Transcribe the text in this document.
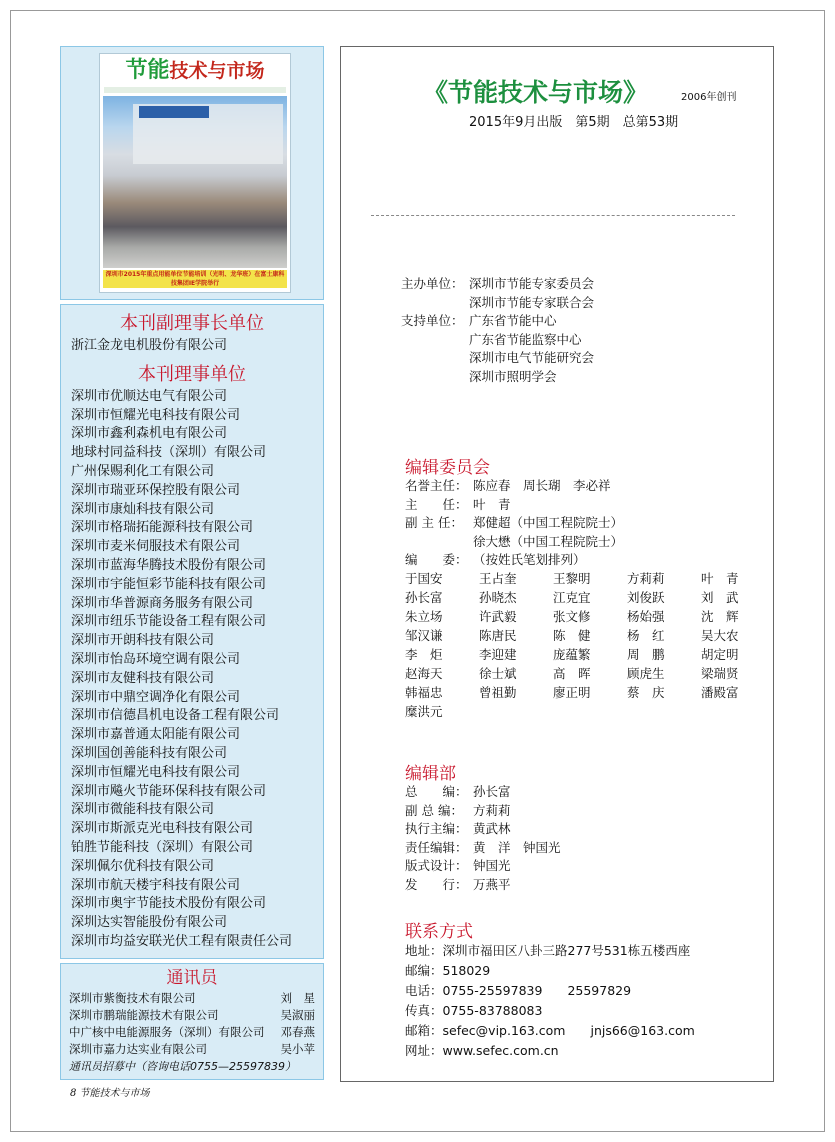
节能技术与市场
深圳市2015年重点用能单位节能培训（光明、龙华班）在富士康科技集团IE学院举行
本刊副理事长单位
浙江金龙电机股份有限公司
本刊理事单位
深圳市优顺达电气有限公司
深圳市恒耀光电科技有限公司
深圳市鑫利森机电有限公司
地球村同益科技（深圳）有限公司
广州保赐利化工有限公司
深圳市瑞亚环保控股有限公司
深圳市康灿科技有限公司
深圳市格瑞拓能源科技有限公司
深圳市麦米伺服技术有限公司
深圳市蓝海华腾技术股份有限公司
深圳市宇能恒彩节能科技有限公司
深圳市华普源商务服务有限公司
深圳市纽乐节能设备工程有限公司
深圳市开朗科技有限公司
深圳市怡岛环境空调有限公司
深圳市友健科技有限公司
深圳市中鼎空调净化有限公司
深圳市信德昌机电设备工程有限公司
深圳市嘉普通太阳能有限公司
深圳国创善能科技有限公司
深圳市恒耀光电科技有限公司
深圳市飚火节能环保科技有限公司
深圳市微能科技有限公司
深圳市斯派克光电科技有限公司
铂胜节能科技（深圳）有限公司
深圳佩尔优科技有限公司
深圳市航天楼宇科技有限公司
深圳市奥宇节能技术股份有限公司
深圳达实智能股份有限公司
深圳市均益安联光伏工程有限责任公司
通讯员
深圳市紫衡技术有限公司	刘　星
深圳市鹏瑞能源技术有限公司	吴淑丽
中广核中电能源服务（深圳）有限公司 邓春燕
深圳市嘉力达实业有限公司	吴小苹
通讯员招募中（咨询电话0755—25597839）
8 节能技术与市场
《节能技术与市场》	2006年创刊
2015年9月出版　第5期　总第53期
主办单位： 深圳市节能专家委员会
深圳市节能专家联合会
支持单位： 广东省节能中心
广东省节能监察中心
深圳市电气节能研究会
深圳市照明学会
编辑委员会
名誉主任： 陈应春　周长瑚　李必祥
主　　任： 叶　青
副 主 任： 郑健超（中国工程院院士）
徐大懋（中国工程院院士）
编　　委： （按姓氏笔划排列）
于国安	王占奎	王黎明	方莉莉	叶　青
孙长富	孙晓杰	江克宜	刘俊跃	刘　武
朱立场	许武毅	张文修	杨始强	沈　辉
邹汉谦	陈唐民	陈　健	杨　红	吴大农
李　炬	李迎建	庞蕴繁	周　鹏	胡定明
赵海天	徐士斌	高　晖	顾虎生	梁瑞贤
韩福忠	曾祖勤	廖正明	蔡　庆	潘殿富
糜洪元
编辑部
总　　编： 孙长富
副 总 编： 方莉莉
执行主编： 黄武林
责任编辑： 黄　洋　钟国光
版式设计： 钟国光
发　　行： 万燕平
联系方式
地址：深圳市福田区八卦三路277号531栋五楼西座
邮编：518029
电话：0755-25597839　　25597829
传真：0755-83788083
邮箱：sefec@vip.163.com　　jnjs66@163.com
网址：www.sefec.com.cn
